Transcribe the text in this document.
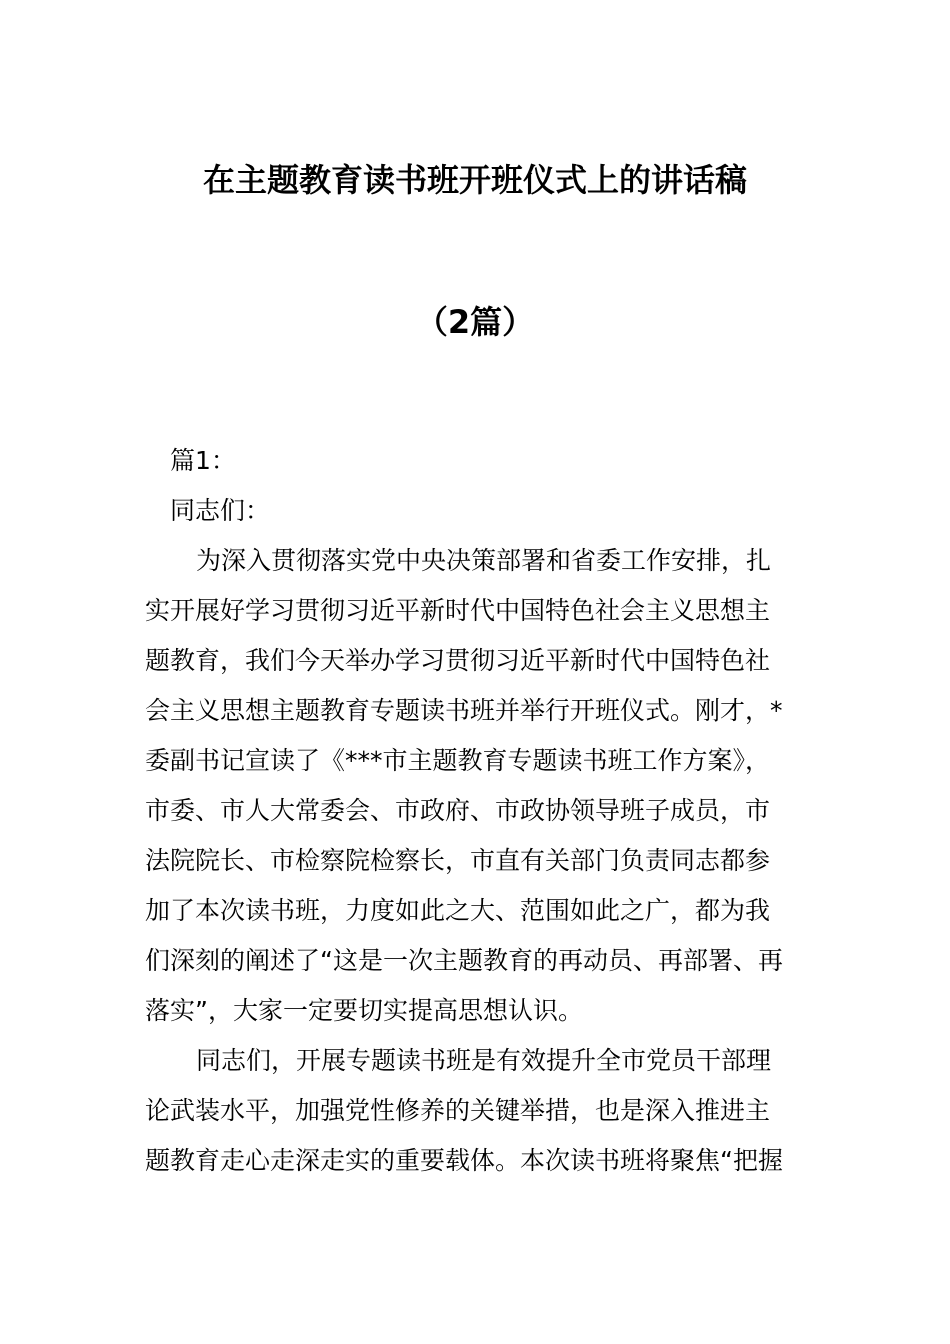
在主题教育读书班开班仪式上的讲话稿
（2篇）
篇1：
同志们：
为深入贯彻落实党中央决策部署和省委工作安排，扎
实开展好学习贯彻习近平新时代中国特色社会主义思想主
题教育，我们今天举办学习贯彻习近平新时代中国特色社
会主义思想主题教育专题读书班并举行开班仪式。刚才，*
委副书记宣读了《***市主题教育专题读书班工作方案》，
市委、市人大常委会、市政府、市政协领导班子成员，市
法院院长、市检察院检察长，市直有关部门负责同志都参
加了本次读书班，力度如此之大、范围如此之广，都为我
们深刻的阐述了“这是一次主题教育的再动员、再部署、再
落实”，大家一定要切实提高思想认识。
同志们，开展专题读书班是有效提升全市党员干部理
论武装水平，加强党性修养的关键举措，也是深入推进主
题教育走心走深走实的重要载体。本次读书班将聚焦“把握
